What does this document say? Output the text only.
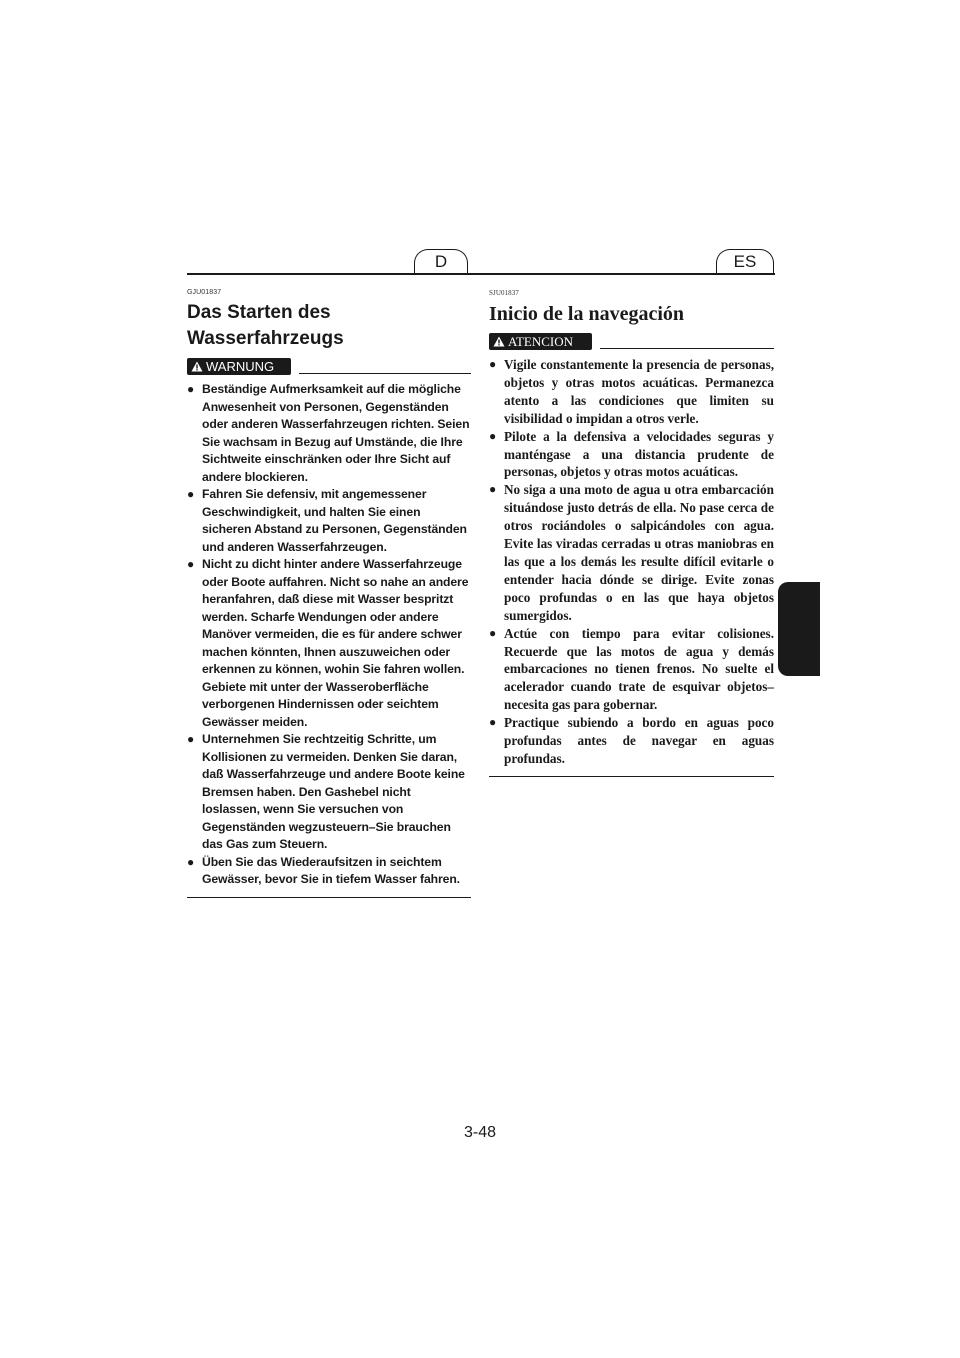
D	ES
GJU01837
Das Starten des
Wasserfahrzeugs
WARNUNG
● Beständige Aufmerksamkeit auf die mögliche Anwesenheit von Personen, Gegenständen oder anderen Wasserfahrzeugen richten. Seien Sie wachsam in Bezug auf Umstände, die Ihre Sichtweite einschränken oder Ihre Sicht auf andere blockieren.
● Fahren Sie defensiv, mit angemessener Geschwindigkeit, und halten Sie einen sicheren Abstand zu Personen, Gegenständen und anderen Wasserfahrzeugen.
● Nicht zu dicht hinter andere Wasserfahrzeuge oder Boote auffahren. Nicht so nahe an andere heranfahren, daß diese mit Wasser bespritzt werden. Scharfe Wendungen oder andere Manöver vermeiden, die es für andere schwer machen könnten, Ihnen auszuweichen oder erkennen zu können, wohin Sie fahren wollen. Gebiete mit unter der Wasseroberfläche verborgenen Hindernissen oder seichtem Gewässer meiden.
● Unternehmen Sie rechtzeitig Schritte, um Kollisionen zu vermeiden. Denken Sie daran, daß Wasserfahrzeuge und andere Boote keine Bremsen haben. Den Gashebel nicht loslassen, wenn Sie versuchen von Gegenständen wegzusteuern–Sie brauchen das Gas zum Steuern.
● Üben Sie das Wiederaufsitzen in seichtem Gewässer, bevor Sie in tiefem Wasser fahren.
SJU01837
Inicio de la navegación
ATENCION
● Vigile constantemente la presencia de personas, objetos y otras motos acuáticas. Permanezca atento a las condiciones que limiten su visibilidad o impidan a otros verle.
● Pilote a la defensiva a velocidades seguras y manténgase a una distancia prudente de personas, objetos y otras motos acuáticas.
● No siga a una moto de agua u otra embarcación situándose justo detrás de ella. No pase cerca de otros rociándoles o salpicándoles con agua. Evite las viradas cerradas u otras maniobras en las que a los demás les resulte difícil evitarle o entender hacia dónde se dirige. Evite zonas poco profundas o en las que haya objetos sumergidos.
● Actúe con tiempo para evitar colisiones. Recuerde que las motos de agua y demás embarcaciones no tienen frenos. No suelte el acelerador cuando trate de esquivar objetos–necesita gas para gobernar.
● Practique subiendo a bordo en aguas poco profundas antes de navegar en aguas profundas.
3-48
